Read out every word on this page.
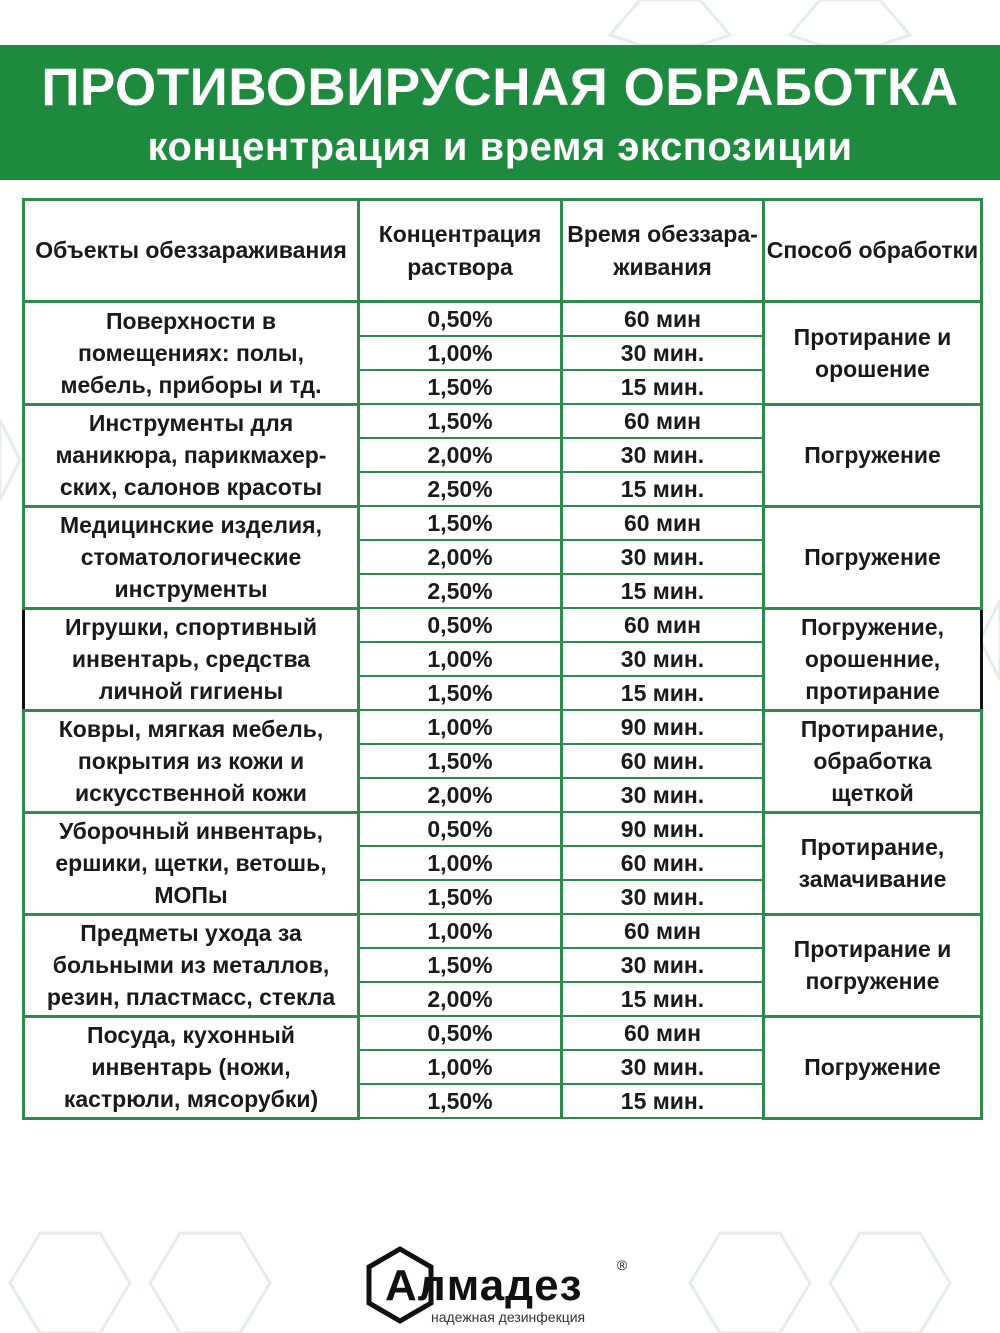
ПРОТИВОВИРУСНАЯ ОБРАБОТКА
концентрация и время экспозиции
Объекты обеззараживания	Концентрация раствора	Время обеззара-живания	Способ обработки
Поверхности в помещениях: полы, мебель, приборы и тд.	0,50%	60 мин	Протирание и орошение
	1,00%	30 мин.	
	1,50%	15 мин.	
Инструменты для маникюра, парикмахер-ских, салонов красоты	1,50%	60 мин	Погружение
	2,00%	30 мин.	
	2,50%	15 мин.	
Медицинские изделия, стоматологические инструменты	1,50%	60 мин	Погружение
	2,00%	30 мин.	
	2,50%	15 мин.	
Игрушки, спортивный инвентарь, средства личной гигиены	0,50%	60 мин	Погружение, орошенние, протирание
	1,00%	30 мин.	
	1,50%	15 мин.	
Ковры, мягкая мебель, покрытия из кожи и искусственной кожи	1,00%	90 мин.	Протирание, обработка щеткой
	1,50%	60 мин.	
	2,00%	30 мин.	
Уборочный инвентарь, ершики, щетки, ветошь, МОПы	0,50%	90 мин.	Протирание, замачивание
	1,00%	60 мин.	
	1,50%	30 мин.	
Предметы ухода за больными из металлов, резин, пластмасс, стекла	1,00%	60 мин	Протирание и погружение
	1,50%	30 мин.	
	2,00%	15 мин.	
Посуда, кухонный инвентарь (ножи, кастрюли, мясорубки)	0,50%	60 мин	Погружение
	1,00%	30 мин.	
	1,50%	15 мин.	
Алмадез ®
надежная дезинфекция
